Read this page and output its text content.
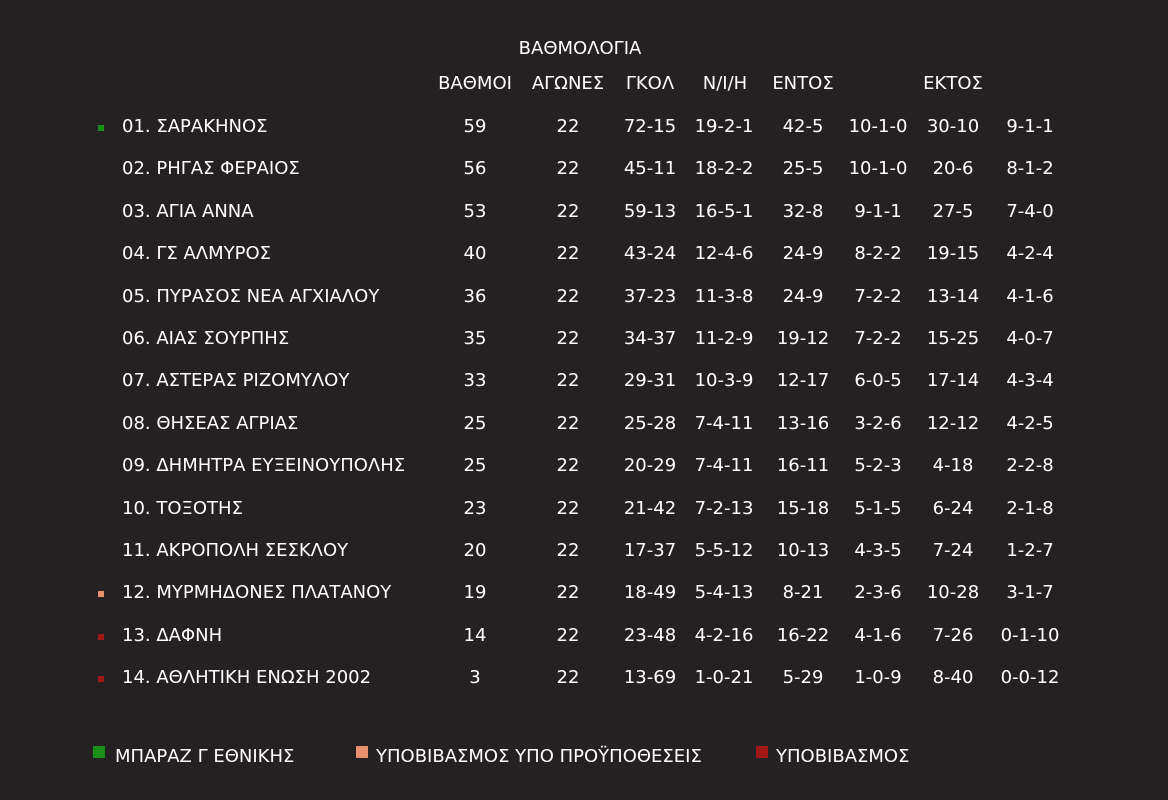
ΒΑΘΜΟΛΟΓΙΑ
ΒΑΘΜΟΙ ΑΓΩΝΕΣ ΓΚΟΛ Ν/Ι/Η ΕΝΤΟΣ	ΕΚΤΟΣ
01. ΣΑΡΑΚΗΝΟΣ	59	22 72-15 19-2-1 42-5 10-1-0 30-10 9-1-1
02. ΡΗΓΑΣ ΦΕΡΑΙΟΣ	56	22 45-11 18-2-2 25-5 10-1-0 20-6 8-1-2
03. ΑΓΙΑ ΑΝΝΑ	53	22 59-13 16-5-1 32-8 9-1-1 27-5 7-4-0
04. ΓΣ ΑΛΜΥΡΟΣ	40	22 43-24 12-4-6 24-9 8-2-2 19-15 4-2-4
05. ΠΥΡΑΣΟΣ ΝΕΑ ΑΓΧΙΑΛΟΥ	36	22 37-23 11-3-8 24-9 7-2-2 13-14 4-1-6
06. ΑΙΑΣ ΣΟΥΡΠΗΣ	35	22 34-37 11-2-9 19-12 7-2-2 15-25 4-0-7
07. ΑΣΤΕΡΑΣ ΡΙΖΟΜΥΛΟΥ	33	22 29-31 10-3-9 12-17 6-0-5 17-14 4-3-4
08. ΘΗΣΕΑΣ ΑΓΡΙΑΣ	25	22 25-28 7-4-11 13-16 3-2-6 12-12 4-2-5
09. ΔΗΜΗΤΡΑ ΕΥΞΕΙΝΟΥΠΟΛΗΣ	25	22 20-29 7-4-11 16-11 5-2-3 4-18 2-2-8
10. ΤΟΞΟΤΗΣ	23	22 21-42 7-2-13 15-18 5-1-5 6-24 2-1-8
11. ΑΚΡΟΠΟΛΗ ΣΕΣΚΛΟΥ	20	22 17-37 5-5-12 10-13 4-3-5 7-24 1-2-7
12. ΜΥΡΜΗΔΟΝΕΣ ΠΛΑΤΑΝΟΥ	19	22 18-49 5-4-13 8-21 2-3-6 10-28 3-1-7
13. ΔΑΦΝΗ	14	22 23-48 4-2-16 16-22 4-1-6 7-26 0-1-10
14. ΑΘΛΗΤΙΚΗ ΕΝΩΣΗ 2002	3	22 13-69 1-0-21 5-29 1-0-9 8-40 0-0-12
ΜΠΑΡΑΖ Γ ΕΘΝΙΚΗΣ	ΥΠΟΒΙΒΑΣΜΟΣ ΥΠΟ ΠΡΟΫΠΟΘΕΣΕΙΣ	ΥΠΟΒΙΒΑΣΜΟΣ
